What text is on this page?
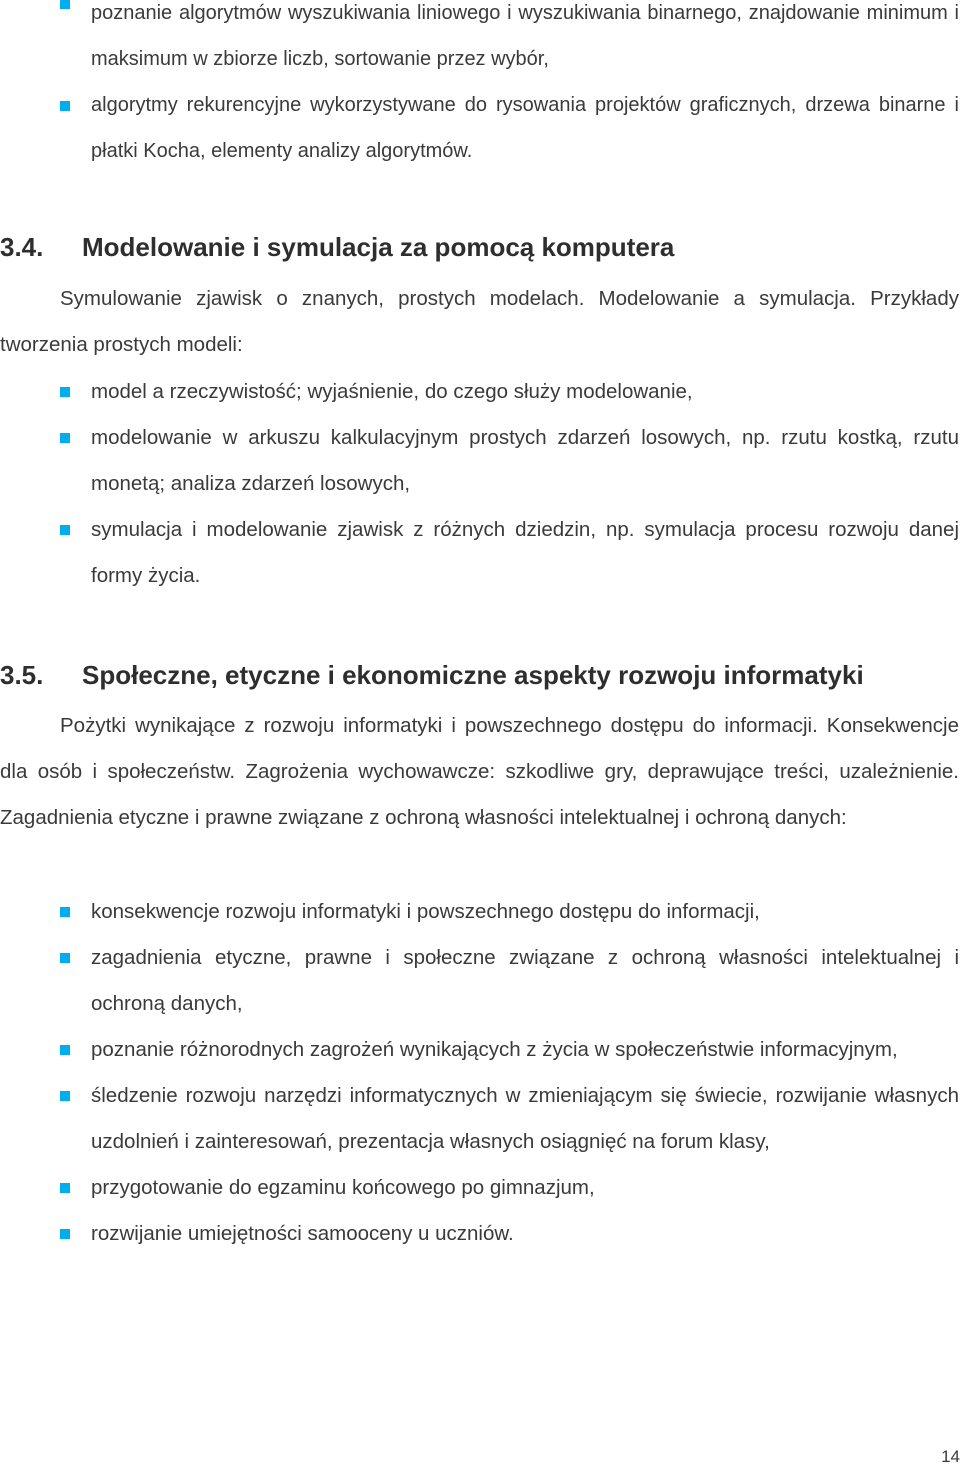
poznanie algorytmów wyszukiwania liniowego i wyszukiwania binarnego, znajdowanie minimum i maksimum w zbiorze liczb, sortowanie przez wybór,
algorytmy rekurencyjne wykorzystywane do rysowania projektów graficznych, drzewa binarne i płatki Kocha, elementy analizy algorytmów.
3.4. Modelowanie i symulacja za pomocą komputera

Symulowanie zjawisk o znanych, prostych modelach. Modelowanie a symulacja. Przykłady tworzenia prostych modeli:

model a rzeczywistość; wyjaśnienie, do czego służy modelowanie,
modelowanie w arkuszu kalkulacyjnym prostych zdarzeń losowych, np. rzutu kostką, rzutu monetą; analiza zdarzeń losowych,
symulacja i modelowanie zjawisk z różnych dziedzin, np. symulacja procesu rozwoju danej formy życia.
3.5. Społeczne, etyczne i ekonomiczne aspekty rozwoju informatyki

Pożytki wynikające z rozwoju informatyki i powszechnego dostępu do informacji. Konsekwencje dla osób i społeczeństw. Zagrożenia wychowawcze: szkodliwe gry, deprawujące treści, uzależnienie. Zagadnienia etyczne i prawne związane z ochroną własności intelektualnej i ochroną danych:

konsekwencje rozwoju informatyki i powszechnego dostępu do informacji,
zagadnienia etyczne, prawne i społeczne związane z ochroną własności intelektualnej i ochroną danych,
poznanie różnorodnych zagrożeń wynikających z życia w społeczeństwie informacyjnym,
śledzenie rozwoju narzędzi informatycznych w zmieniającym się świecie, rozwijanie własnych uzdolnień i zainteresowań, prezentacja własnych osiągnięć na forum klasy,
przygotowanie do egzaminu końcowego po gimnazjum,
rozwijanie umiejętności samooceny u uczniów.
14
